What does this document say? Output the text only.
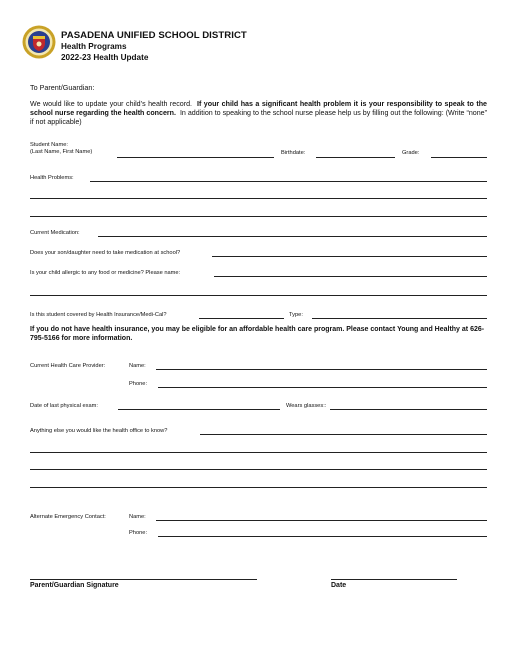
PASADENA UNIFIED SCHOOL DISTRICT
Health Programs
2022-23 Health Update
To Parent/Guardian:
We would like to update your child’s health record. If your child has a significant health problem it is your responsibility to speak to the school nurse regarding the health concern. In addition to speaking to the school nurse please help us by filling out the following: (Write “none” if not applicable)
Student Name:
(Last Name, First Name)	Birthdate:	Grade:
Health Problems:
Current Medication:
Does your son/daughter need to take medication at school?
Is your child allergic to any food or medicine? Please name:
Is this student covered by Health Insurance/Medi-Cal?	Type:
If you do not have health insurance, you may be eligible for an affordable health care program. Please contact Young and Healthy at 626-795-5166 for more information.
Current Health Care Provider:	Name:
Phone:
Date of last physical exam:	Wears glasses::
Anything else you would like the health office to know?
Alternate Emergency Contact:	Name:
Phone:
Parent/Guardian Signature	Date
